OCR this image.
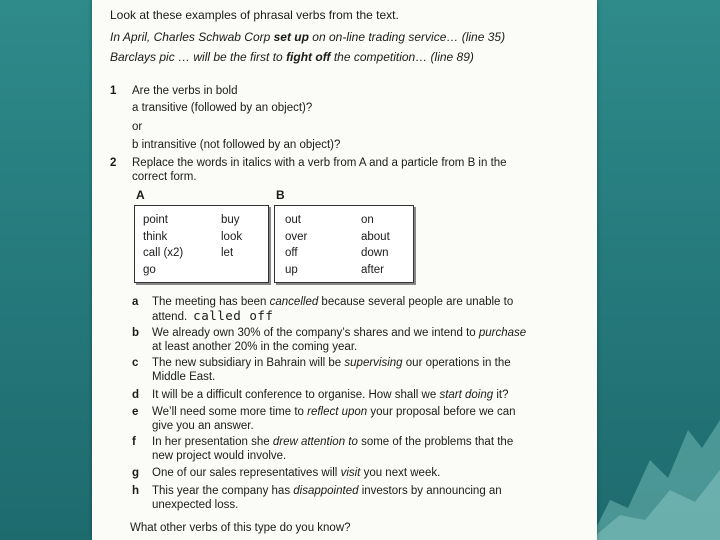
Look at these examples of phrasal verbs from the text.
In April, Charles Schwab Corp set up on on-line trading service… (line 35)
Barclays pic … will be the first to fight off the competition… (line 89)
1 Are the verbs in bold
a transitive (followed by an object)?
or
b intransitive (not followed by an object)?
2 Replace the words in italics with a verb from A and a particle from B in the
correct form.
A
point
think
call (x2)
go
buy
look
let
B
out
over
off
up
on
about
down
after
a The meeting has been cancelled because several people are unable to
attend. called off
b We already own 30% of the company’s shares and we intend to purchase
at least another 20% in the coming year.
c The new subsidiary in Bahrain will be supervising our operations in the
Middle East.
d It will be a difficult conference to organise. How shall we start doing it?
e We’ll need some more time to reflect upon your proposal before we can
give you an answer.
f In her presentation she drew attention to some of the problems that the
new project would involve.
g One of our sales representatives will visit you next week.
h This year the company has disappointed investors by announcing an
unexpected loss.
What other verbs of this type do you know?
